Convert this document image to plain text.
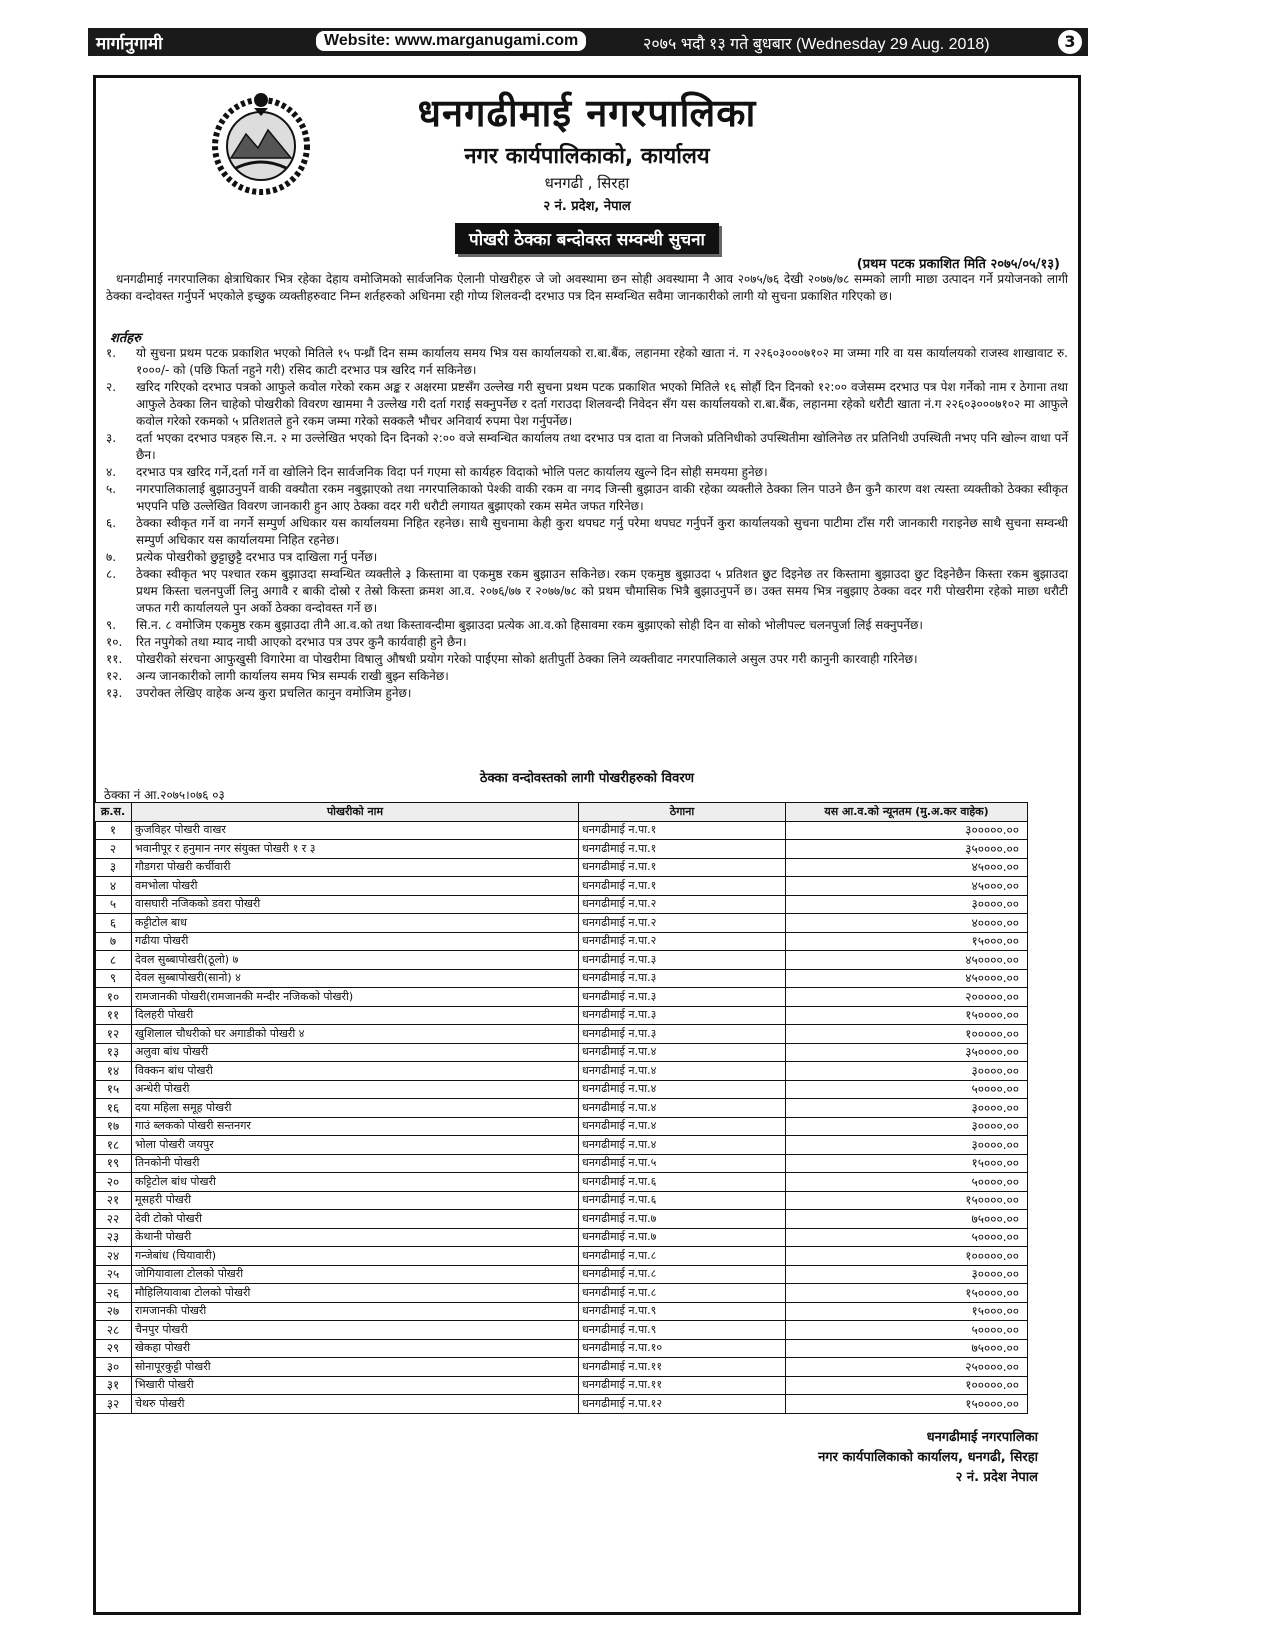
मार्गानुगामी	Website: www.marganugami.com	२०७५ भदौ १३ गते बुधबार (Wednesday 29 Aug. 2018)	3
धनगढीमाई नगरपालिका
नगर कार्यपालिकाको, कार्यालय
धनगढी , सिरहा
२ नं. प्रदेश, नेपाल
पोखरी ठेक्का बन्दोवस्त सम्वन्धी सुचना
(प्रथम पटक प्रकाशित मिति २०७५/०५/१३)

धनगढीमाई नगरपालिका क्षेत्राधिकार भित्र रहेका देहाय वमोजिमको सार्वजनिक ऐलानी पोखरीहरु जे जो अवस्थामा छन सोही अवस्थामा नै आव २०७५/७६ देखी २०७७/७८ सम्मको लागी माछा उत्पादन गर्ने प्रयोजनको लागी ठेक्का वन्दोवस्त गर्नुपर्ने भएकोले इच्छुक व्यक्तीहरुवाट निम्न शर्तहरुको अधिनमा रही गोप्य शिलवन्दी दरभाउ पत्र दिन सम्वन्धित सवैमा जानकारीको लागी यो सुचना प्रकाशित गरिएको छ।

शर्तहरु
१. यो सुचना प्रथम पटक प्रकाशित भएको मितिले १५ पन्ध्रौं दिन सम्म कार्यालय समय भित्र यस कार्यालयको रा.बा.बैंक, लहानमा रहेको खाता नं. ग २२६०३०००७१०२ मा जम्मा गरि वा यस कार्यालयको राजस्व शाखावाट रु. १०००/- को (पछि फिर्ता नहुने गरी) रसिद काटी दरभाउ पत्र खरिद गर्न सकिनेछ।
२. खरिद गरिएको दरभाउ पत्रको आफुले कवोल गरेको रकम अङ्क र अक्षरमा प्रष्टसँग उल्लेख गरी सुचना प्रथम पटक प्रकाशित भएको मितिले १६ सोर्हौ दिन दिनको १२:०० वजेसम्म दरभाउ पत्र पेश गर्नेको नाम र ठेगाना तथा आफुले ठेक्का लिन चाहेको पोखरीको विवरण खाममा नै उल्लेख गरी दर्ता गराई सक्नुपर्नेछ र दर्ता गराउदा शिलवन्दी निवेदन सँग यस कार्यालयको रा.बा.बैंक, लहानमा रहेको धरौटी खाता नं.ग २२६०३०००७१०२ मा आफुले कवोल गरेको रकमको ५ प्रतिशतले हुने रकम जम्मा गरेको सक्कलै भौचर अनिवार्य रुपमा पेश गर्नुपर्नेछ।
३. दर्ता भएका दरभाउ पत्रहरु सि.न. २ मा उल्लेखित भएको दिन दिनको २:०० वजे सम्वन्धित कार्यालय तथा दरभाउ पत्र दाता वा निजको प्रतिनिधीको उपस्थितीमा खोलिनेछ तर प्रतिनिधी उपस्थिती नभए पनि खोल्न वाधा पर्ने छैन।
४. दरभाउ पत्र खरिद गर्ने,दर्ता गर्ने वा खोलिने दिन सार्वजनिक विदा पर्न गएमा सो कार्यहरु विदाको भोलि पलट कार्यालय खुल्ने दिन सोही समयमा हुनेछ।
५. नगरपालिकालाई बुझाउनुपर्ने वाकी वक्यौता रकम नबुझाएको तथा नगरपालिकाको पेश्की वाकी रकम वा नगद जिन्सी बुझाउन वाकी रहेका व्यक्तीले ठेक्का लिन पाउने छैन कुनै कारण वश त्यस्ता व्यक्तीको ठेक्का स्वीकृत भएपनि पछि उल्लेखित विवरण जानकारी हुन आए ठेक्का वदर गरी धरौटी लगायत बुझाएको रकम समेत जफत गरिनेछ।
६. ठेक्का स्वीकृत गर्ने वा नगर्ने सम्पुर्ण अधिकार यस कार्यालयमा निहित रहनेछ। साथै सुचनामा केही कुरा थपघट गर्नु परेमा थपघट गर्नुपर्ने कुरा कार्यालयको सुचना पाटीमा टाँस गरी जानकारी गराइनेछ साथै सुचना सम्वन्धी सम्पुर्ण अधिकार यस कार्यालयमा निहित रहनेछ।
७. प्रत्येक पोखरीको छुट्टाछुट्टै दरभाउ पत्र दाखिला गर्नु पर्नेछ।
८. ठेक्का स्वीकृत भए पश्चात रकम बुझाउदा सम्वन्धित व्यक्तीले ३ किस्तामा वा एकमुष्ठ रकम बुझाउन सकिनेछ। रकम एकमुष्ठ बुझाउदा ५ प्रतिशत छुट दिइनेछ तर किस्तामा बुझाउदा छुट दिइनेछैन किस्ता रकम बुझाउदा प्रथम किस्ता चलनपुर्जी लिनु अगावै र बाकी दोस्रो र तेस्रो किस्ता क्रमश आ.व. २०७६/७७ र २०७७/७८ को प्रथम चौमासिक भित्रै बुझाउनुपर्ने छ। उक्त समय भित्र नबुझाए ठेक्का वदर गरी पोखरीमा रहेको माछा धरौटी जफत गरी कार्यालयले पुन अर्को ठेक्का वन्दोवस्त गर्ने छ।
९. सि.न. ८ वमोजिम एकमुष्ठ रकम बुझाउदा तीनै आ.व.को तथा किस्तावन्दीमा बुझाउदा प्रत्येक आ.व.को हिसावमा रकम बुझाएको सोही दिन वा सोको भोलीपल्ट चलनपुर्जा लिई सक्नुपर्नेछ।
१०. रित नपुगेको तथा म्याद नाघी आएको दरभाउ पत्र उपर कुनै कार्यवाही हुने छैन।
११. पोखरीको संरचना आफुखुसी विगारेमा वा पोखरीमा विषालु औषधी प्रयोग गरेको पाईएमा सोको क्षतीपुर्ती ठेक्का लिने व्यक्तीवाट नगरपालिकाले असुल उपर गरी कानुनी कारवाही गरिनेछ।
१२. अन्य जानकारीको लागी कार्यालय समय भित्र सम्पर्क राखी बुझ्न सकिनेछ।
१३. उपरोक्त लेखिए वाहेक अन्य कुरा प्रचलित कानुन वमोजिम हुनेछ।
ठेक्का वन्दोवस्तको लागी पोखरीहरुको विवरण
ठेक्का नं आ.२०७५।०७६ ०३
क्र.स.	पोखरीको नाम	ठेगाना	यस आ.व.को न्यूनतम (मु.अ.कर वाहेक)
१	कुजविहर पोखरी वाखर	धनगढीमाई न.पा.१	३०००००.००
२	भवानीपूर र हनुमान नगर संयुक्त पोखरी १ र ३	धनगढीमाई न.पा.१	३५००००.००
३	गौडगरा पोखरी कर्चीवारी	धनगढीमाई न.पा.१	४५०००.००
४	वमभोला पोखरी	धनगढीमाई न.पा.१	४५०००.००
५	वासघारी नजिकको डवरा पोखरी	धनगढीमाई न.पा.२	३००००.००
६	कट्टीटोल बाध	धनगढीमाई न.पा.२	४००००.००
७	गढीया पोखरी	धनगढीमाई न.पा.२	१५०००.००
८	देवल सुब्बापोखरी(ठूलो) ७	धनगढीमाई न.पा.३	४५००००.००
९	देवल सुब्बापोखरी(सानो) ४	धनगढीमाई न.पा.३	४५००००.००
१०	रामजानकी पोखरी(रामजानकी मन्दीर नजिकको पोखरी)	धनगढीमाई न.पा.३	२०००००.००
११	दिलहरी पोखरी	धनगढीमाई न.पा.३	१५००००.००
१२	खुशिलाल चौधरीको घर अगाडीको पोखरी ४	धनगढीमाई न.पा.३	१०००००.००
१३	अलुवा बांध पोखरी	धनगढीमाई न.पा.४	३५००००.००
१४	विक्कन बांध पोखरी	धनगढीमाई न.पा.४	३००००.००
१५	अन्धेरी पोखरी	धनगढीमाई न.पा.४	५००००.००
१६	दया महिला समूह पोखरी	धनगढीमाई न.पा.४	३००००.००
१७	गाउं ब्लकको पोखरी सन्तनगर	धनगढीमाई न.पा.४	३००००.००
१८	भोला पोखरी जयपुर	धनगढीमाई न.पा.४	३००००.००
१९	तिनकोनी पोखरी	धनगढीमाई न.पा.५	१५०००.००
२०	कट्टिटोल बांध पोखरी	धनगढीमाई न.पा.६	५००००.००
२१	मूसहरी पोखरी	धनगढीमाई न.पा.६	१५००००.००
२२	देवी टोको पोखरी	धनगढीमाई न.पा.७	७५०००.००
२३	केथानी पोखरी	धनगढीमाई न.पा.७	५००००.००
२४	गन्जेबांध (चियावारी)	धनगढीमाई न.पा.८	१०००००.००
२५	जोगियावाला टोलको पोखरी	धनगढीमाई न.पा.८	३००००.००
२६	मौहिलियावाबा टोलको पोखरी	धनगढीमाई न.पा.८	१५००००.००
२७	रामजानकी पोखरी	धनगढीमाई न.पा.९	१५०००.००
२८	चैनपुर पोखरी	धनगढीमाई न.पा.९	५००००.००
२९	खेकहा पोखरी	धनगढीमाई न.पा.१०	७५०००.००
३०	सोनापूरकुट्टी पोखरी	धनगढीमाई न.पा.११	२५००००.००
३१	भिखारी पोखरी	धनगढीमाई न.पा.११	१०००००.००
३२	चेथरु पोखरी	धनगढीमाई न.पा.१२	१५००००.००
धनगढीमाई नगरपालिका
नगर कार्यपालिकाको कार्यालय, धनगढी, सिरहा
२ नं. प्रदेश नेपाल
